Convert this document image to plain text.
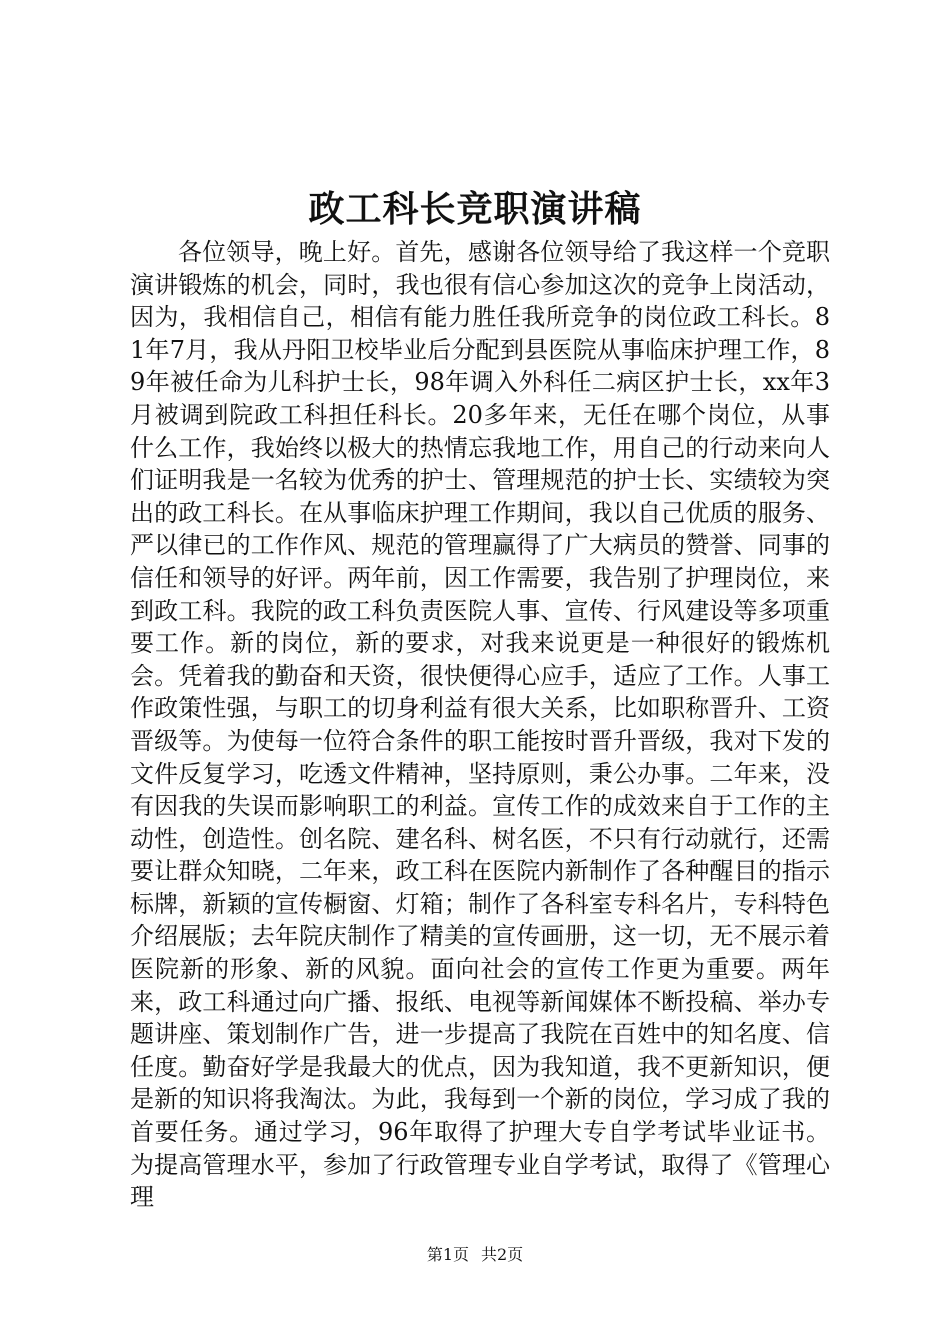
政工科长竞职演讲稿

各位领导，晚上好。首先，感谢各位领导给了我这样一个竞职演讲锻炼的机会，同时，我也很有信心参加这次的竞争上岗活动，因为，我相信自己，相信有能力胜任我所竞争的岗位政工科长。81年7月，我从丹阳卫校毕业后分配到县医院从事临床护理工作，89年被任命为儿科护士长，98年调入外科任二病区护士长，xx年3月被调到院政工科担任科长。20多年来，无任在哪个岗位，从事什么工作，我始终以极大的热情忘我地工作，用自己的行动来向人们证明我是一名较为优秀的护士、管理规范的护士长、实绩较为突出的政工科长。在从事临床护理工作期间，我以自己优质的服务、严以律已的工作作风、规范的管理赢得了广大病员的赞誉、同事的信任和领导的好评。两年前，因工作需要，我告别了护理岗位，来到政工科。我院的政工科负责医院人事、宣传、行风建设等多项重要工作。新的岗位，新的要求，对我来说更是一种很好的锻炼机会。凭着我的勤奋和天资，很快便得心应手，适应了工作。人事工作政策性强，与职工的切身利益有很大关系，比如职称晋升、工资晋级等。为使每一位符合条件的职工能按时晋升晋级，我对下发的文件反复学习，吃透文件精神，坚持原则，秉公办事。二年来，没有因我的失误而影响职工的利益。宣传工作的成效来自于工作的主动性，创造性。创名院、建名科、树名医，不只有行动就行，还需要让群众知晓，二年来，政工科在医院内新制作了各种醒目的指示标牌，新颖的宣传橱窗、灯箱；制作了各科室专科名片，专科特色介绍展版；去年院庆制作了精美的宣传画册，这一切，无不展示着医院新的形象、新的风貌。面向社会的宣传工作更为重要。两年来，政工科通过向广播、报纸、电视等新闻媒体不断投稿、举办专题讲座、策划制作广告，进一步提高了我院在百姓中的知名度、信任度。勤奋好学是我最大的优点，因为我知道，我不更新知识，便是新的知识将我淘汰。为此，我每到一个新的岗位，学习成了我的首要任务。通过学习，96年取得了护理大专自学考试毕业证书。为提高管理水平，参加了行政管理专业自学考试，取得了《管理心理

第1页 共2页
